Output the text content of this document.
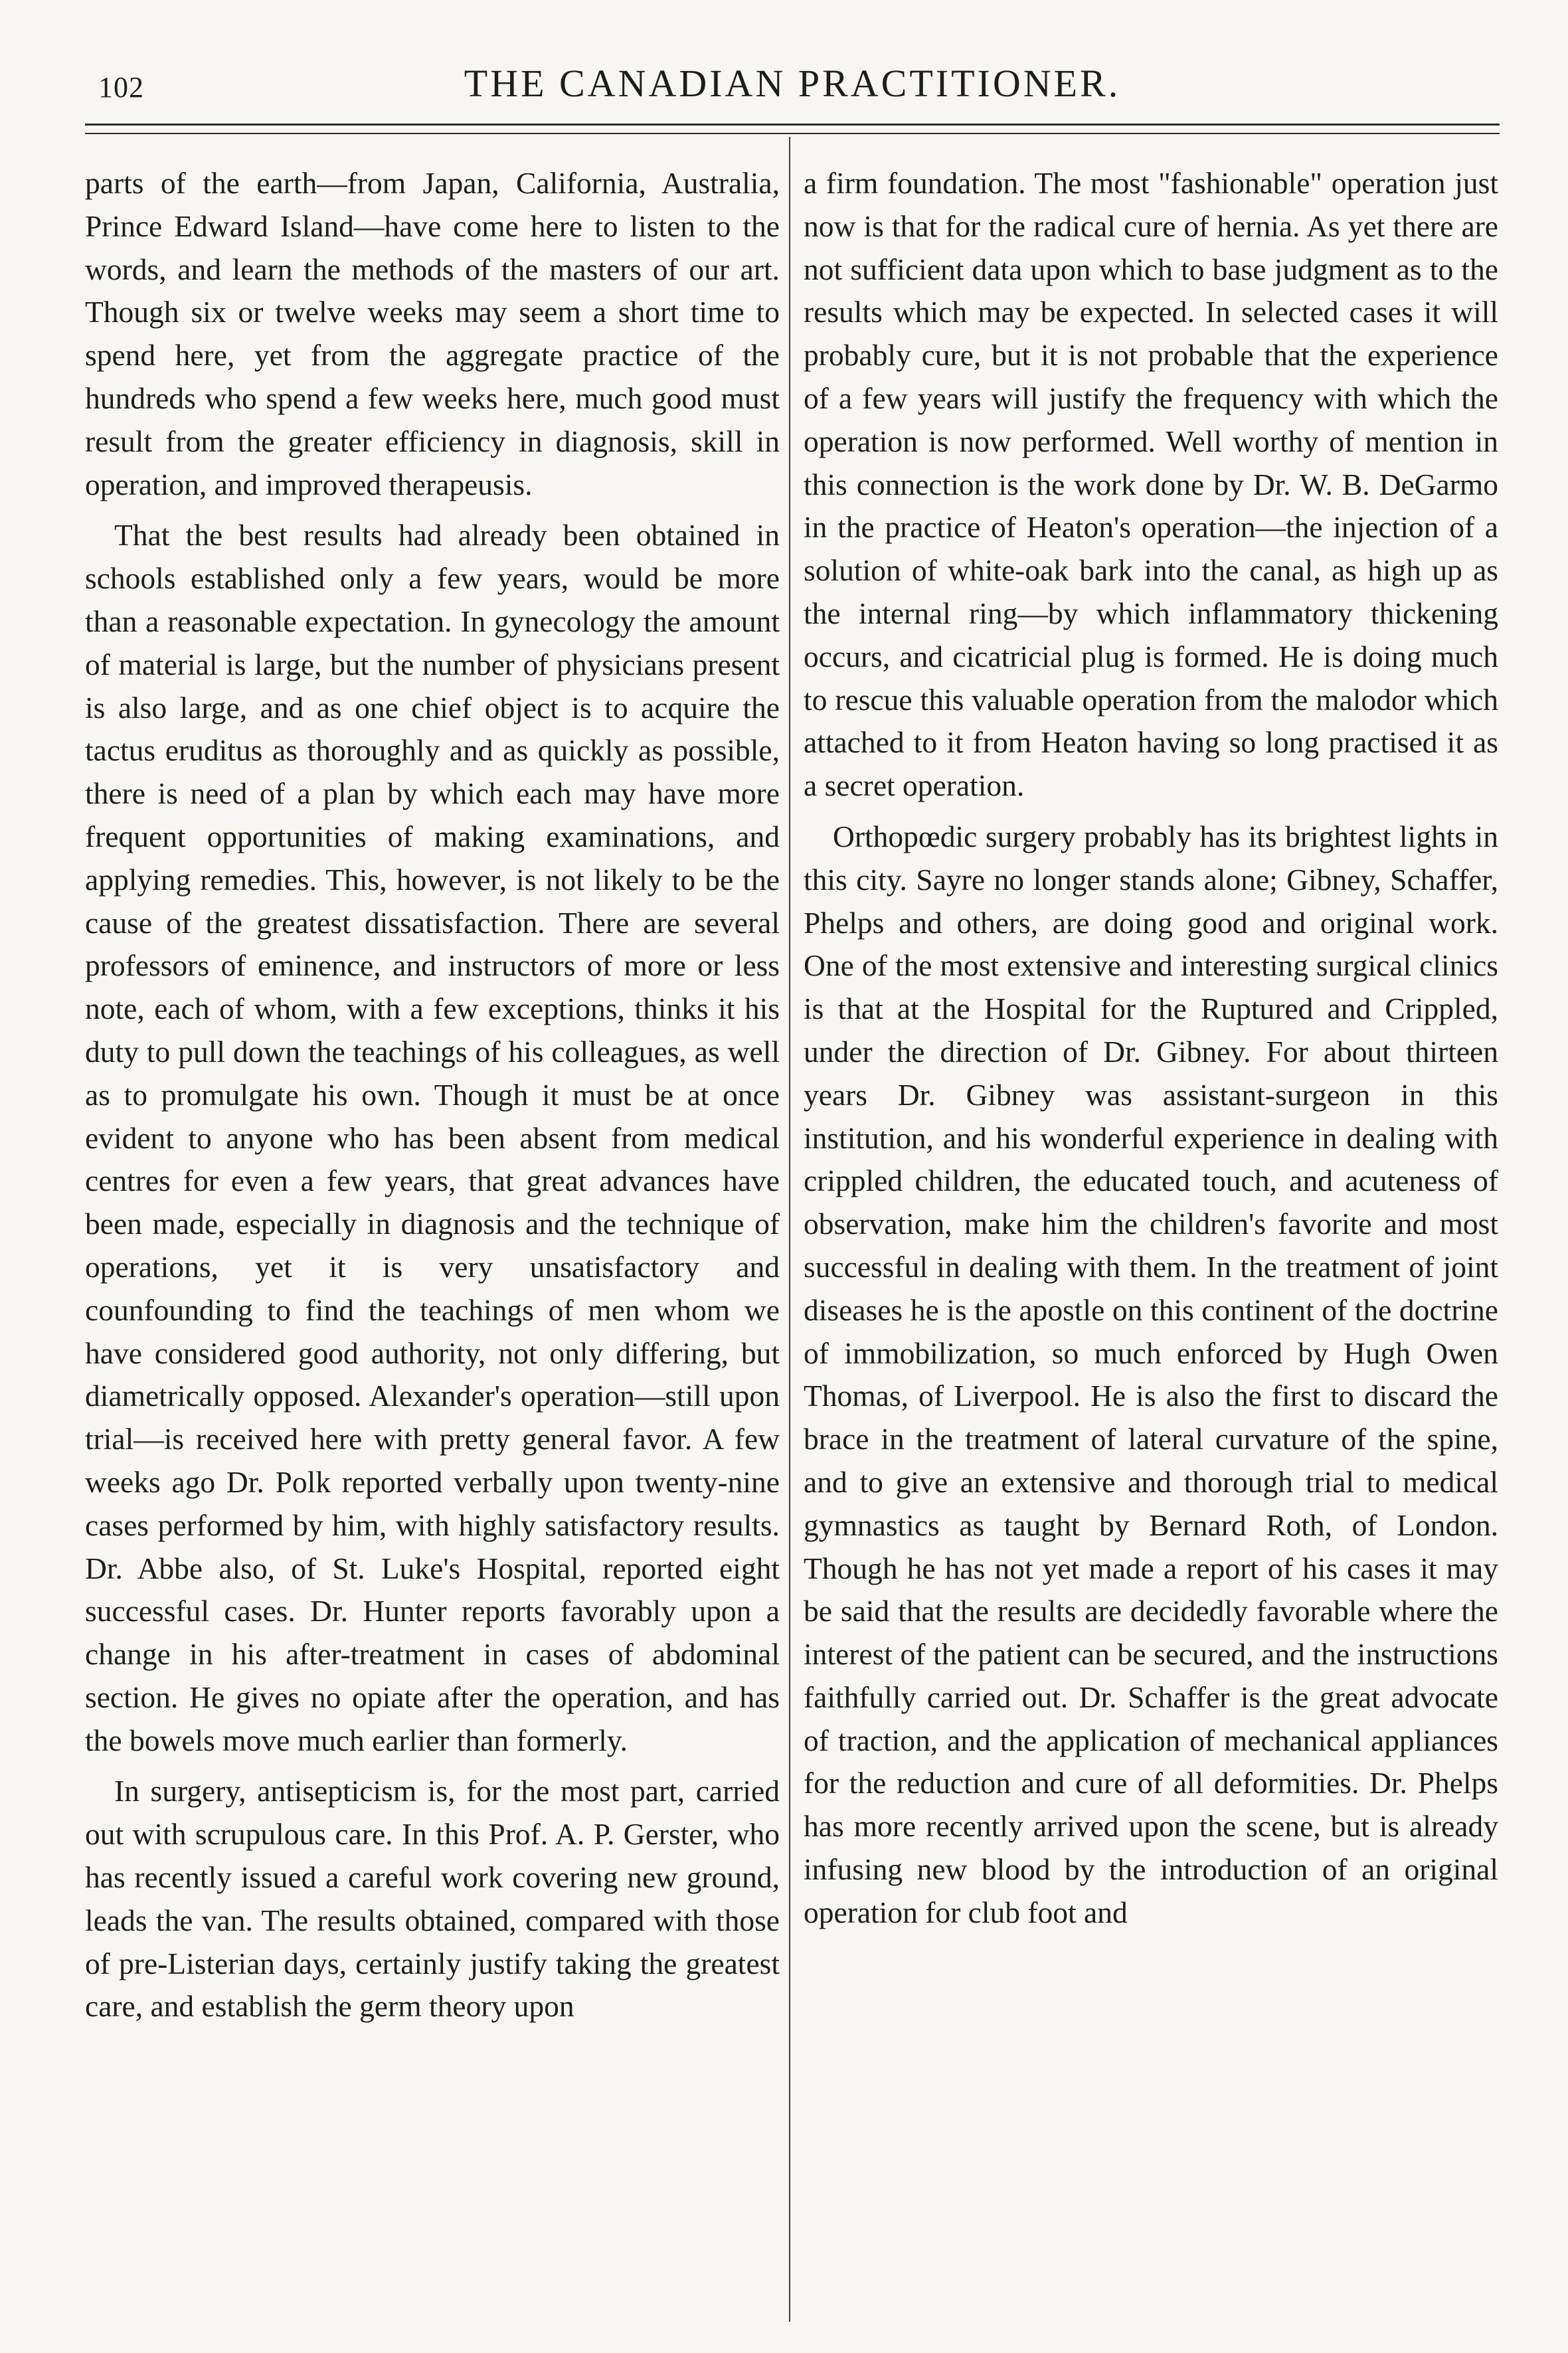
102	THE CANADIAN PRACTITIONER.

parts of the earth—from Japan, California, Australia, Prince Edward Island—have come here to listen to the words, and learn the methods of the masters of our art. Though six or twelve weeks may seem a short time to spend here, yet from the aggregate practice of the hundreds who spend a few weeks here, much good must result from the greater efficiency in diagnosis, skill in operation, and improved therapeusis.

That the best results had already been obtained in schools established only a few years, would be more than a reasonable expectation. In gynecology the amount of material is large, but the number of physicians present is also large, and as one chief object is to acquire the tactus eruditus as thoroughly and as quickly as possible, there is need of a plan by which each may have more frequent opportunities of making examinations, and applying remedies. This, however, is not likely to be the cause of the greatest dissatisfaction. There are several professors of eminence, and instructors of more or less note, each of whom, with a few exceptions, thinks it his duty to pull down the teachings of his colleagues, as well as to promulgate his own. Though it must be at once evident to anyone who has been absent from medical centres for even a few years, that great advances have been made, especially in diagnosis and the technique of operations, yet it is very unsatisfactory and counfounding to find the teachings of men whom we have considered good authority, not only differing, but diametrically opposed. Alexander's operation—still upon trial—is received here with pretty general favor. A few weeks ago Dr. Polk reported verbally upon twenty-nine cases performed by him, with highly satisfactory results. Dr. Abbe also, of St. Luke's Hospital, reported eight successful cases. Dr. Hunter reports favorably upon a change in his after-treatment in cases of abdominal section. He gives no opiate after the operation, and has the bowels move much earlier than formerly.

In surgery, antisepticism is, for the most part, carried out with scrupulous care. In this Prof. A. P. Gerster, who has recently issued a careful work covering new ground, leads the van. The results obtained, compared with those of pre-Listerian days, certainly justify taking the greatest care, and establish the germ theory upon

a firm foundation. The most "fashionable" operation just now is that for the radical cure of hernia. As yet there are not sufficient data upon which to base judgment as to the results which may be expected. In selected cases it will probably cure, but it is not probable that the experience of a few years will justify the frequency with which the operation is now performed. Well worthy of mention in this connection is the work done by Dr. W. B. DeGarmo in the practice of Heaton's operation—the injection of a solution of white-oak bark into the canal, as high up as the internal ring—by which inflammatory thickening occurs, and cicatricial plug is formed. He is doing much to rescue this valuable operation from the malodor which attached to it from Heaton having so long practised it as a secret operation.

Orthopœdic surgery probably has its brightest lights in this city. Sayre no longer stands alone; Gibney, Schaffer, Phelps and others, are doing good and original work. One of the most extensive and interesting surgical clinics is that at the Hospital for the Ruptured and Crippled, under the direction of Dr. Gibney. For about thirteen years Dr. Gibney was assistant-surgeon in this institution, and his wonderful experience in dealing with crippled children, the educated touch, and acuteness of observation, make him the children's favorite and most successful in dealing with them. In the treatment of joint diseases he is the apostle on this continent of the doctrine of immobilization, so much enforced by Hugh Owen Thomas, of Liverpool. He is also the first to discard the brace in the treatment of lateral curvature of the spine, and to give an extensive and thorough trial to medical gymnastics as taught by Bernard Roth, of London. Though he has not yet made a report of his cases it may be said that the results are decidedly favorable where the interest of the patient can be secured, and the instructions faithfully carried out. Dr. Schaffer is the great advocate of traction, and the application of mechanical appliances for the reduction and cure of all deformities. Dr. Phelps has more recently arrived upon the scene, but is already infusing new blood by the introduction of an original operation for club foot and
